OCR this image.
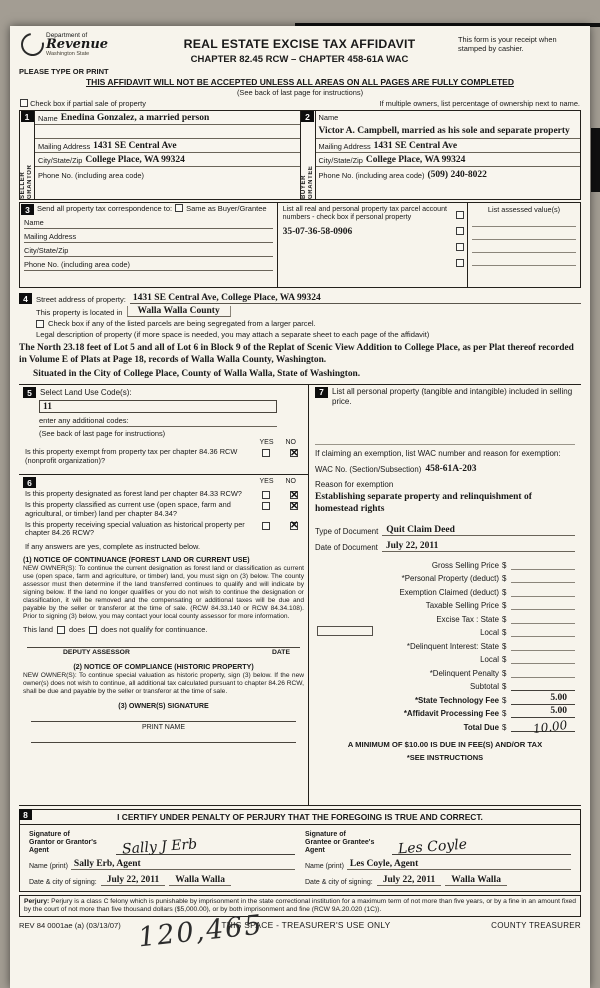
Department of
Revenue
Washington State
PLEASE TYPE OR PRINT
REAL ESTATE EXCISE TAX AFFIDAVIT
CHAPTER 82.45 RCW – CHAPTER 458-61A WAC
This form is your receipt when stamped by cashier.
THIS AFFIDAVIT WILL NOT BE ACCEPTED UNLESS ALL AREAS ON ALL PAGES ARE FULLY COMPLETED
(See back of last page for instructions)
Check box if partial sale of property	If multiple owners, list percentage of ownership next to name.
1
SELLER GRANTOR
Name Enedina Gonzalez, a married person
Mailing Address 1431 SE Central Ave
City/State/Zip College Place, WA 99324
Phone No. (including area code)
2
BUYER GRANTEE
Name
Victor A. Campbell, married as his sole and separate property
Mailing Address 1431 SE Central Ave
City/State/Zip College Place, WA 99324
Phone No. (including area code) (509) 240-8022
3 Send all property tax correspondence to: Same as Buyer/Grantee
Name
Mailing Address
City/State/Zip
Phone No. (including area code)
List all real and personal property tax parcel account numbers - check box if personal property
35-07-36-58-0906
List assessed value(s)
4	Street address of property: 1431 SE Central Ave, College Place, WA 99324
This property is located in	Walla Walla County
Check box if any of the listed parcels are being segregated from a larger parcel.
Legal description of property (if more space is needed, you may attach a separate sheet to each page of the affidavit)
The North 23.18 feet of Lot 5 and all of Lot 6 in Block 9 of the Replat of Scenic View Addition to College Place, as per Plat thereof recorded in Volume E of Plats at Page 18, records of Walla Walla County, Washington.
Situated in the City of College Place, County of Walla Walla, State of Washington.
5	Select Land Use Code(s):
11
enter any additional codes:
(See back of last page for instructions)
YES NO
Is this property exempt from property tax per chapter 84.36 RCW (nonprofit organization)?
✕
6	YES NO
Is this property designated as forest land per chapter 84.33 RCW?
✕
Is this property classified as current use (open space, farm and agricultural, or timber) land per chapter 84.34?
✕
Is this property receiving special valuation as historical property per chapter 84.26 RCW?
✕
If any answers are yes, complete as instructed below.
(1) NOTICE OF CONTINUANCE (FOREST LAND OR CURRENT USE)
NEW OWNER(S): To continue the current designation as forest land or classification as current use (open space, farm and agriculture, or timber) land, you must sign on (3) below. The county assessor must then determine if the land transferred continues to qualify and will indicate by signing below. If the land no longer qualifies or you do not wish to continue the designation or classification, it will be removed and the compensating or additional taxes will be due and payable by the seller or transferor at the time of sale. (RCW 84.33.140 or RCW 84.34.108). Prior to signing (3) below, you may contact your local county assessor for more information.
This land does does not qualify for continuance.
DEPUTY ASSESSOR	DATE
(2) NOTICE OF COMPLIANCE (HISTORIC PROPERTY)
NEW OWNER(S): To continue special valuation as historic property, sign (3) below. If the new owner(s) does not wish to continue, all additional tax calculated pursuant to chapter 84.26 RCW, shall be due and payable by the seller or transferor at the time of sale.
(3) OWNER(S) SIGNATURE
PRINT NAME
7	List all personal property (tangible and intangible) included in selling price.
If claiming an exemption, list WAC number and reason for exemption:
WAC No. (Section/Subsection) 458-61A-203
Reason for exemption
Establishing separate property and relinquishment of homestead rights
Type of Document Quit Claim Deed
Date of Document July 22, 2011
Gross Selling Price $
*Personal Property (deduct) $
Exemption Claimed (deduct) $
Taxable Selling Price $
Excise Tax : State $
Local $
*Delinquent Interest: State $
Local $
*Delinquent Penalty $
Subtotal $
*State Technology Fee $	5.00
*Affidavit Processing Fee $	5.00
Total Due $	10.00
A MINIMUM OF $10.00 IS DUE IN FEE(S) AND/OR TAX
*SEE INSTRUCTIONS
8	I CERTIFY UNDER PENALTY OF PERJURY THAT THE FOREGOING IS TRUE AND CORRECT.
Signature of
Grantor or Grantor's Agent	Sally J Erb
Name (print) Sally Erb, Agent
Date & city of signing:	July 22, 2011	Walla Walla
Signature of
Grantee or Grantee's Agent	Les Coyle
Name (print) Les Coyle, Agent
Date & city of signing:	July 22, 2011	Walla Walla
Perjury: Perjury is a class C felony which is punishable by imprisonment in the state correctional institution for a maximum term of not more than five years, or by a fine in an amount fixed by the court of not more than five thousand dollars ($5,000.00), or by both imprisonment and fine (RCW 9A.20.020 (1C)).
REV 84 0001ae (a) (03/13/07)	THIS SPACE - TREASURER'S USE ONLY	COUNTY TREASURER
120,465
